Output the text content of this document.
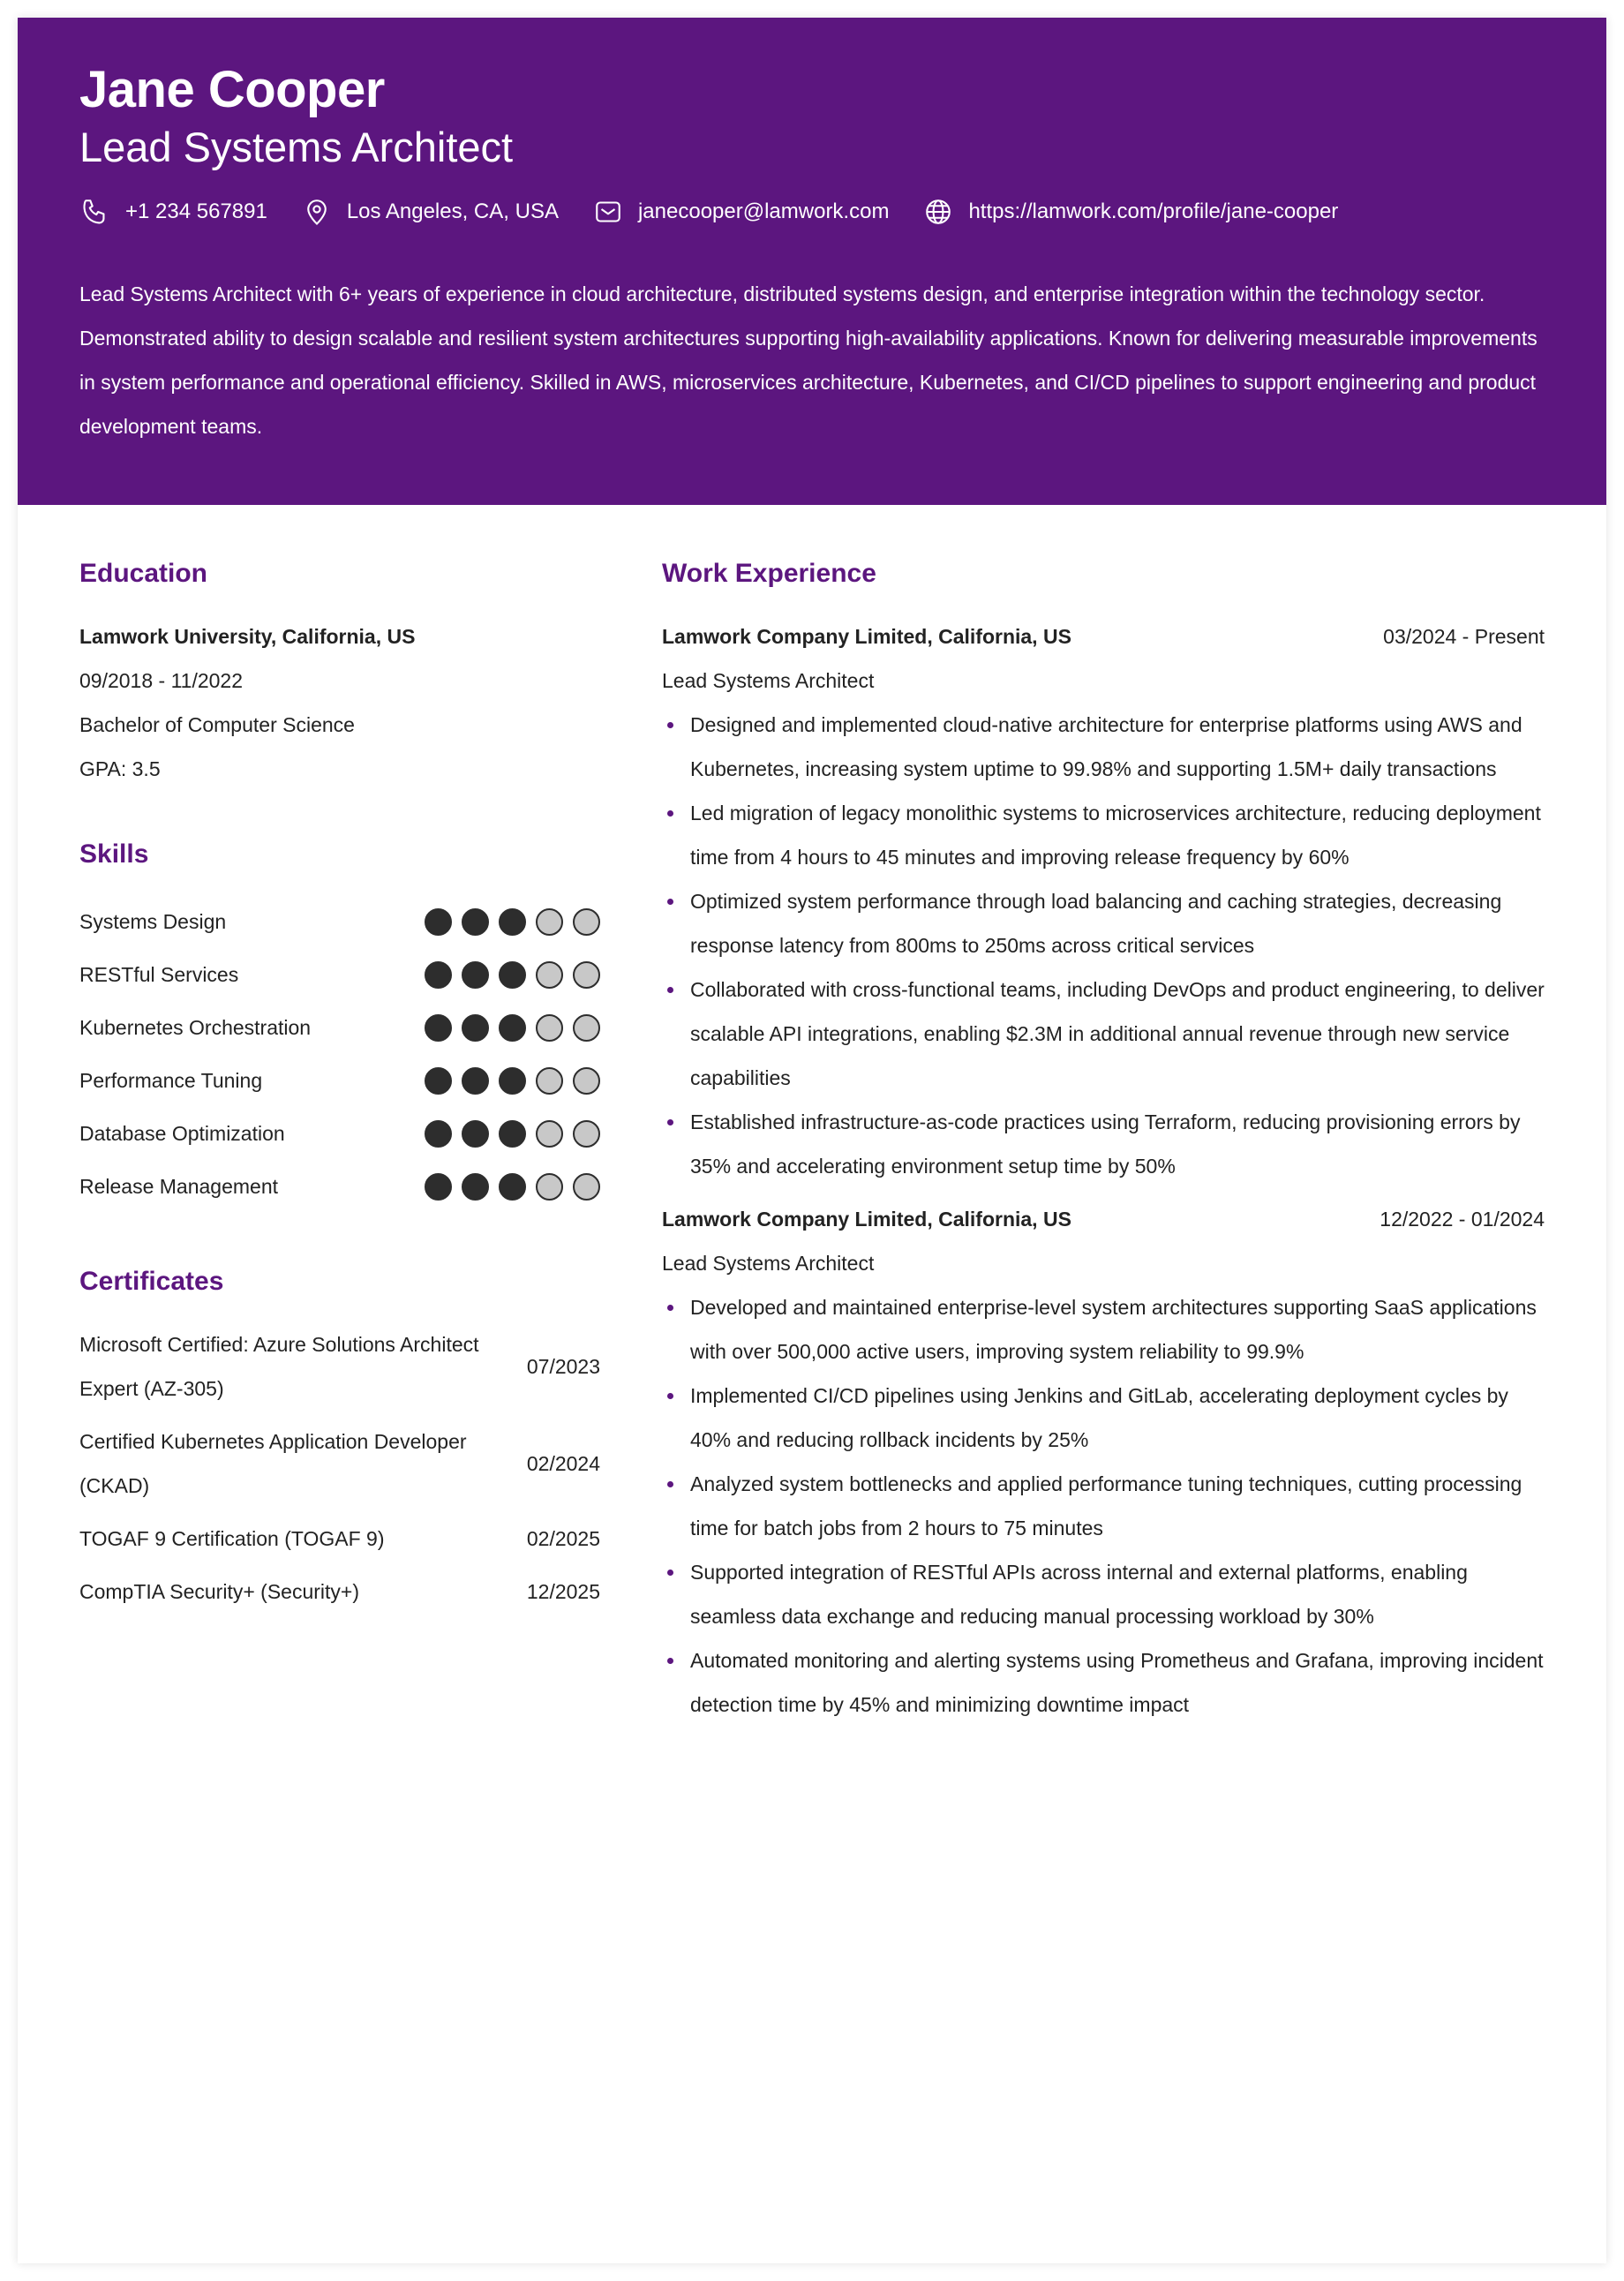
Jane Cooper
Lead Systems Architect
+1 234 567891	Los Angeles, CA, USA	janecooper@lamwork.com	https://lamwork.com/profile/jane-cooper
Lead Systems Architect with 6+ years of experience in cloud architecture, distributed systems design, and enterprise integration within the technology sector. Demonstrated ability to design scalable and resilient system architectures supporting high-availability applications. Known for delivering measurable improvements in system performance and operational efficiency. Skilled in AWS, microservices architecture, Kubernetes, and CI/CD pipelines to support engineering and product development teams.
Education
Lamwork University, California, US
09/2018 - 11/2022
Bachelor of Computer Science
GPA: 3.5
Skills
Systems Design
RESTful Services
Kubernetes Orchestration
Performance Tuning
Database Optimization
Release Management
Certificates
Microsoft Certified: Azure Solutions Architect Expert (AZ-305)
07/2023
Certified Kubernetes Application Developer (CKAD)
02/2024
TOGAF 9 Certification (TOGAF 9)	02/2025
CompTIA Security+ (Security+)	12/2025
Work Experience
Lamwork Company Limited, California, US	03/2024 - Present
Lead Systems Architect
Designed and implemented cloud-native architecture for enterprise platforms using AWS and Kubernetes, increasing system uptime to 99.98% and supporting 1.5M+ daily transactions
Led migration of legacy monolithic systems to microservices architecture, reducing deployment time from 4 hours to 45 minutes and improving release frequency by 60%
Optimized system performance through load balancing and caching strategies, decreasing response latency from 800ms to 250ms across critical services
Collaborated with cross-functional teams, including DevOps and product engineering, to deliver scalable API integrations, enabling $2.3M in additional annual revenue through new service capabilities
Established infrastructure-as-code practices using Terraform, reducing provisioning errors by 35% and accelerating environment setup time by 50%
Lamwork Company Limited, California, US	12/2022 - 01/2024
Lead Systems Architect
Developed and maintained enterprise-level system architectures supporting SaaS applications with over 500,000 active users, improving system reliability to 99.9%
Implemented CI/CD pipelines using Jenkins and GitLab, accelerating deployment cycles by 40% and reducing rollback incidents by 25%
Analyzed system bottlenecks and applied performance tuning techniques, cutting processing time for batch jobs from 2 hours to 75 minutes
Supported integration of RESTful APIs across internal and external platforms, enabling seamless data exchange and reducing manual processing workload by 30%
Automated monitoring and alerting systems using Prometheus and Grafana, improving incident detection time by 45% and minimizing downtime impact
